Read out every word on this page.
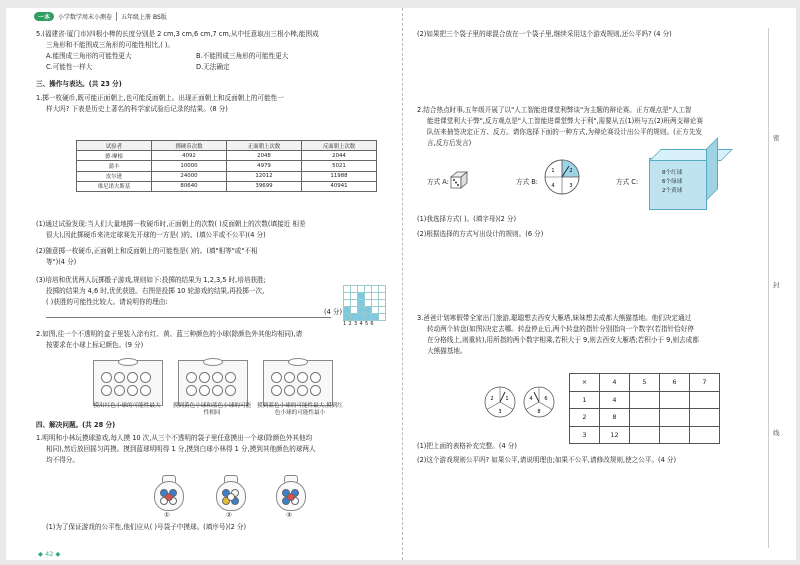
一本	小学数学周末小测卷	五年级上册 BS版
5.(福建省·厦门市)四根小棒的长度分别是 2 cm,3 cm,6 cm,7 cm,从中任意取出三根小棒,能围成
三角形和不能围成三角形的可能性相比,( )。
A.能围成三角形的可能性更大	B.不能围成三角形的可能性更大
C.可能性一样大	D.无法确定
三、操作与表达。(共 23 分)
1.掷一枚硬币,既可能正面朝上,也可能反面朝上。出现正面朝上和反面朝上的可能性一
样大吗? 下表是历史上著名的科学家试验后记录的结果。(8 分)
试验者	掷硬币次数	正面朝上次数	反面朝上次数
德·摩根	4092	2048	2044
蒲丰	10000	4979	5021
皮尔逊	24000	12012	11988
维尼诺夫斯基	80640	39699	40941
(1)通过试验发现:当人们大量地掷一枚硬币时,正面朝上的次数( )反面朝上的次数(填接近 相差
很大),因此掷硬币来决定球赛先开球的一方是( )的。(填公平或不公平)(4 分)
(2)随意掷一枚硬币,正面朝上和反面朝上的可能性是( )的。(填"相等"或"不相
等")(4 分)
(3)培培和优优两人玩掷骰子游戏,规则如下:投掷的结果为 1,2,3,5 时,培培获胜;
投掷的结果为 4,6 时,优优获胜。右图是投掷 10 轮游戏的结果,再投掷一次,
( )获胜的可能性比较大。请说明你的理由:
(4 分)
123456
2.如图,往一个不透明的盒子里装入涂有红、黄、蓝三种颜色的小球(除颜色外其他均相同),请
按要求在小球上标记颜色。(9 分)
摸出红色小球的可能性最大	摸到黄色小球和蓝色小球的可能性相同
摸到蓝色小球的可能性最大,摸到红色小球的可能性最小
四、解决问题。(共 28 分)
1.明明和小林玩摸球游戏,每人摸 10 次,从三个不透明的袋子里任意摸出一个球(除颜色外其他均
相同),然后放回摇匀再摸。摸到蓝球明明得 1 分,摸到白球小林得 1 分,摸到其他颜色的球两人
均不得分。
①	②	③
(1)为了保证游戏的公平性,他们应从( )号袋子中摸球。(填序号)(2 分)
◆ 42 ◆
(2)如果把三个袋子里的球混合放在一个袋子里,继续采用这个游戏规则,还公平吗? (4 分)
2.结合热点时事,五年级开展了以"人工智能进课堂利弊谈"为主题的辩论赛。正方观点是"人工智
能进课堂利大于弊",反方观点是"人工智能进课堂弊大于利",需要从五(1)班与五(2)班两支辩论赛
队伍来抽签决定正方、反方。请你选择下面的一种方式,为辩论赛设计出公平的规则。(正方先发
言,反方后发言)
方式 A:	方式 B:
1	2
3
4	方式 C:
8个红球
6个绿球
2个黄球
(1)我选择方式( )。(填字母)(2 分)
(2)根据选择的方式写出设计的规则。(6 分)
3.爸爸计划寒假带全家出门旅游,聪聪想去西安大雁塔,妹妹想去成都大熊猫基地。他们决定通过
转动两个转盘(如图)决定去哪。转盘停止后,两个转盘的指针分别指向一个数字(若指针恰好停
在分格线上,则重转),用所指的两个数字相乘,若积大于 9,则去西安大雁塔;若积小于 9,则去成都
大熊猫基地。
1
3
2	6
8
4
×	4	5	6	7
1	4			
2	8			
3	12			
(1)把上面的表格补充完整。(4 分)
(2)这个游戏规则公平吗? 如果公平,请说明理由;如果不公平,请修改规则,使之公平。(4 分)
密
封
线
